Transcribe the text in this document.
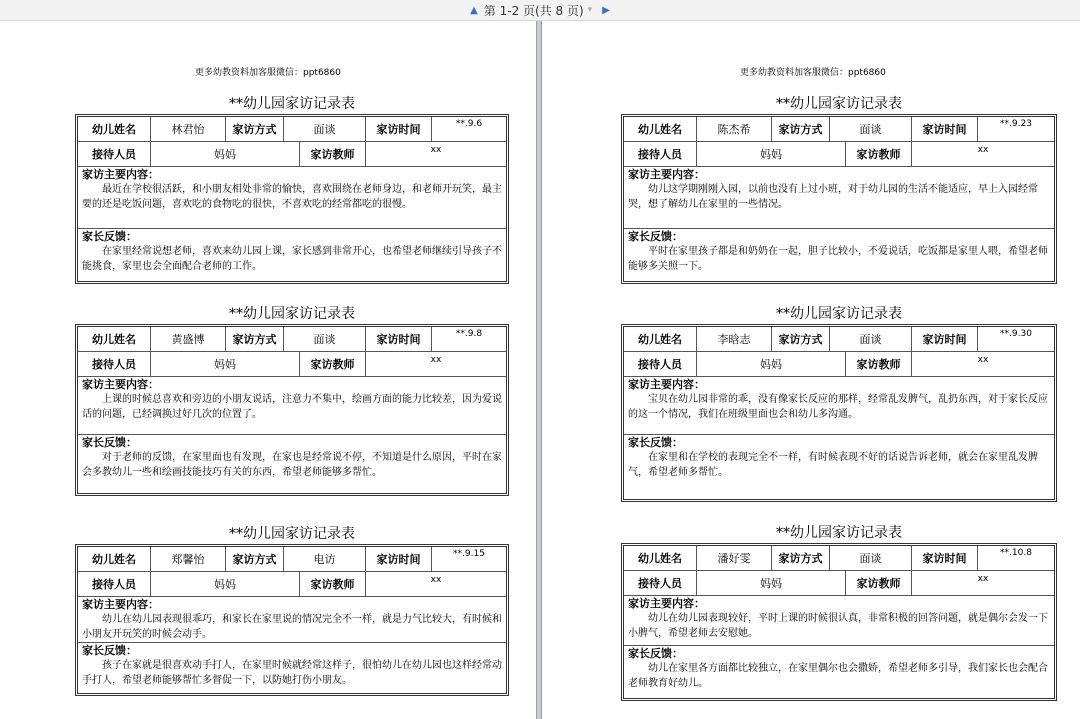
▲ 第 1-2 页(共 8 页) ▾	▶
更多幼教资料加客服微信：ppt6860
**幼儿园家访记录表
幼儿姓名	林君怡	家访方式	面谈	家访时间	**.9.6
接待人员	妈妈	家访教师	xx
家访主要内容：
最近在学校很活跃，和小朋友相处非常的愉快，喜欢围绕在老师身边，和老师开玩笑，最主要的还是吃饭问题，喜欢吃的食物吃的很快，不喜欢吃的经常都吃的很慢。
家长反馈：
在家里经常说想老师，喜欢来幼儿园上课，家长感到非常开心，也希望老师继续引导孩子不能挑食，家里也会全面配合老师的工作。
**幼儿园家访记录表
幼儿姓名	黄盛博	家访方式	面谈	家访时间	**.9.8
接待人员	妈妈	家访教师	xx
家访主要内容：
上课的时候总喜欢和旁边的小朋友说话，注意力不集中，绘画方面的能力比较差，因为爱说话的问题，已经调换过好几次的位置了。
家长反馈：
对于老师的反馈，在家里面也有发现，在家也是经常说不停，不知道是什么原因，平时在家会多教幼儿一些和绘画技能技巧有关的东西，希望老师能够多帮忙。
**幼儿园家访记录表
幼儿姓名	郑馨怡	家访方式	电访	家访时间	**.9.15
接待人员	妈妈	家访教师	xx
家访主要内容：
幼儿在幼儿园表现很乖巧，和家长在家里说的情况完全不一样，就是力气比较大，有时候和小朋友开玩笑的时候会动手。
家长反馈：
孩子在家就是很喜欢动手打人，在家里时候就经常这样子，很怕幼儿在幼儿园也这样经常动手打人，希望老师能够帮忙多督促一下，以防她打伤小朋友。
更多幼教资料加客服微信：ppt6860
**幼儿园家访记录表
幼儿姓名	陈杰希	家访方式	面谈	家访时间	**.9.23
接待人员	妈妈	家访教师	xx
家访主要内容：
幼儿这学期刚刚入园，以前也没有上过小班，对于幼儿园的生活不能适应，早上入园经常哭，想了解幼儿在家里的一些情况。
家长反馈：
平时在家里孩子都是和奶奶在一起，胆子比较小，不爱说话，吃饭都是家里人喂，希望老师能够多关照一下。
**幼儿园家访记录表
幼儿姓名	李晗志	家访方式	面谈	家访时间	**.9.30
接待人员	妈妈	家访教师	xx
家访主要内容：
宝贝在幼儿园非常的乖，没有像家长反应的那样，经常乱发脾气，乱扔东西，对于家长反应的这一个情况，我们在班级里面也会和幼儿多沟通。
家长反馈：
在家里和在学校的表现完全不一样，有时候表现不好的话说告诉老师，就会在家里乱发脾气，希望老师多帮忙。
**幼儿园家访记录表
幼儿姓名	潘好雯	家访方式	面谈	家访时间	**.10.8
接待人员	妈妈	家访教师	xx
家访主要内容：
幼儿在幼儿园表现较好，平时上课的时候很认真，非常积极的回答问题，就是偶尔会发一下小脾气，希望老师去安慰她。
家长反馈：
幼儿在家里各方面都比较独立，在家里偶尔也会撒娇，希望老师多引导，我们家长也会配合老师教育好幼儿。
